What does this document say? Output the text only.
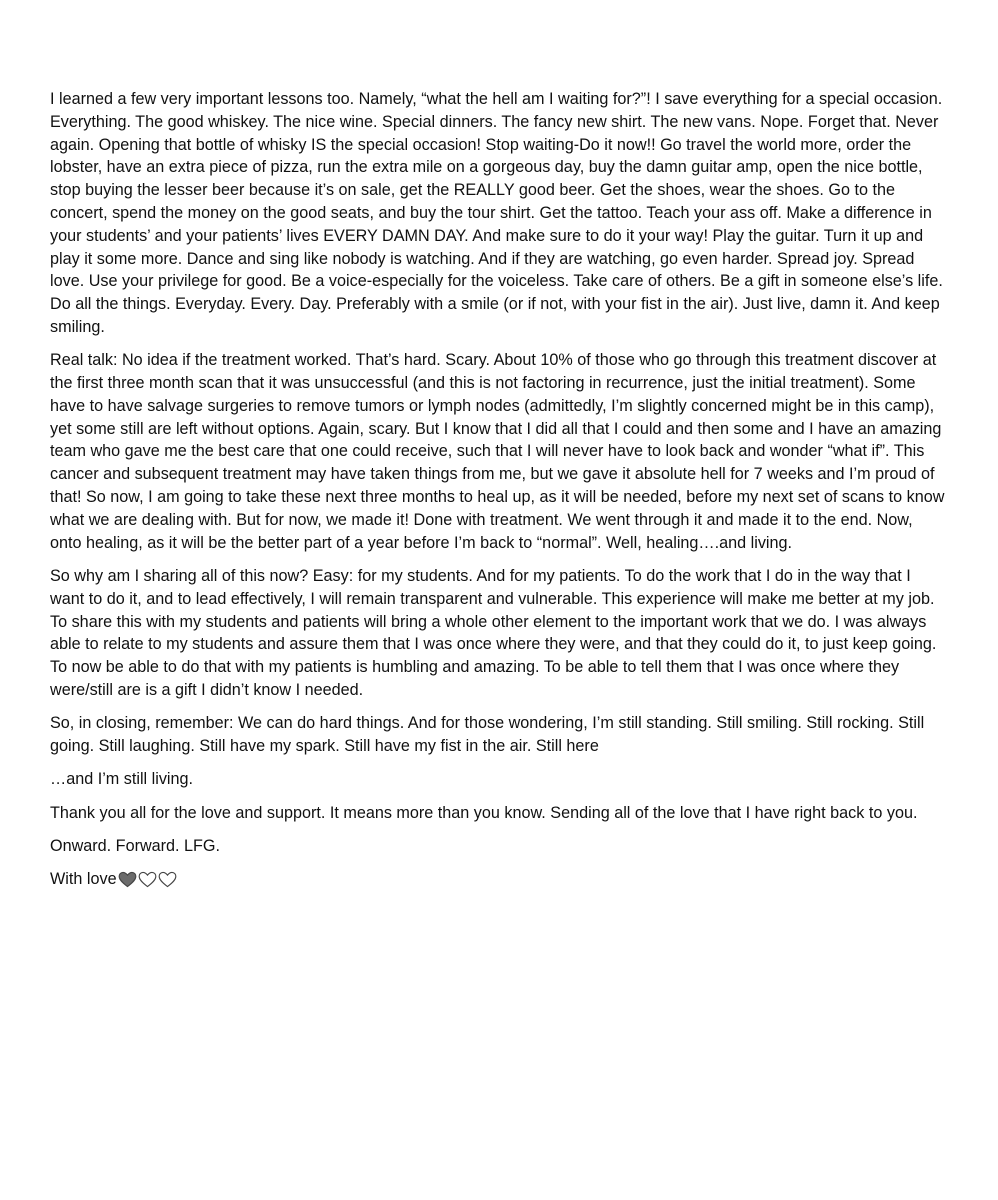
I learned a few very important lessons too. Namely, “what the hell am I waiting for?”! I save everything for a special occasion. Everything. The good whiskey. The nice wine. Special dinners. The fancy new shirt. The new vans. Nope. Forget that. Never again. Opening that bottle of whisky IS the special occasion! Stop waiting-Do it now!! Go travel the world more, order the lobster, have an extra piece of pizza, run the extra mile on a gorgeous day, buy the damn guitar amp, open the nice bottle, stop buying the lesser beer because it’s on sale, get the REALLY good beer. Get the shoes, wear the shoes. Go to the concert, spend the money on the good seats, and buy the tour shirt. Get the tattoo. Teach your ass off. Make a difference in your students’ and your patients’ lives EVERY DAMN DAY. And make sure to do it your way! Play the guitar. Turn it up and play it some more. Dance and sing like nobody is watching. And if they are watching, go even harder. Spread joy. Spread love. Use your privilege for good. Be a voice-especially for the voiceless. Take care of others. Be a gift in someone else’s life. Do all the things. Everyday. Every. Day. Preferably with a smile (or if not, with your fist in the air). Just live, damn it. And keep smiling.

Real talk: No idea if the treatment worked. That’s hard. Scary. About 10% of those who go through this treatment discover at the first three month scan that it was unsuccessful (and this is not factoring in recurrence, just the initial treatment). Some have to have salvage surgeries to remove tumors or lymph nodes (admittedly, I’m slightly concerned might be in this camp), yet some still are left without options. Again, scary. But I know that I did all that I could and then some and I have an amazing team who gave me the best care that one could receive, such that I will never have to look back and wonder “what if”. This cancer and subsequent treatment may have taken things from me, but we gave it absolute hell for 7 weeks and I’m proud of that! So now, I am going to take these next three months to heal up, as it will be needed, before my next set of scans to know what we are dealing with. But for now, we made it! Done with treatment. We went through it and made it to the end. Now, onto healing, as it will be the better part of a year before I’m back to “normal”. Well, healing….and living.

So why am I sharing all of this now? Easy: for my students. And for my patients. To do the work that I do in the way that I want to do it, and to lead effectively, I will remain transparent and vulnerable. This experience will make me better at my job. To share this with my students and patients will bring a whole other element to the important work that we do. I was always able to relate to my students and assure them that I was once where they were, and that they could do it, to just keep going. To now be able to do that with my patients is humbling and amazing. To be able to tell them that I was once where they were/still are is a gift I didn’t know I needed.

So, in closing, remember: We can do hard things. And for those wondering, I’m still standing. Still smiling. Still rocking. Still going. Still laughing. Still have my spark. Still have my fist in the air. Still here

…and I’m still living.

Thank you all for the love and support. It means more than you know. Sending all of the love that I have right back to you.

Onward. Forward. LFG.

With love
